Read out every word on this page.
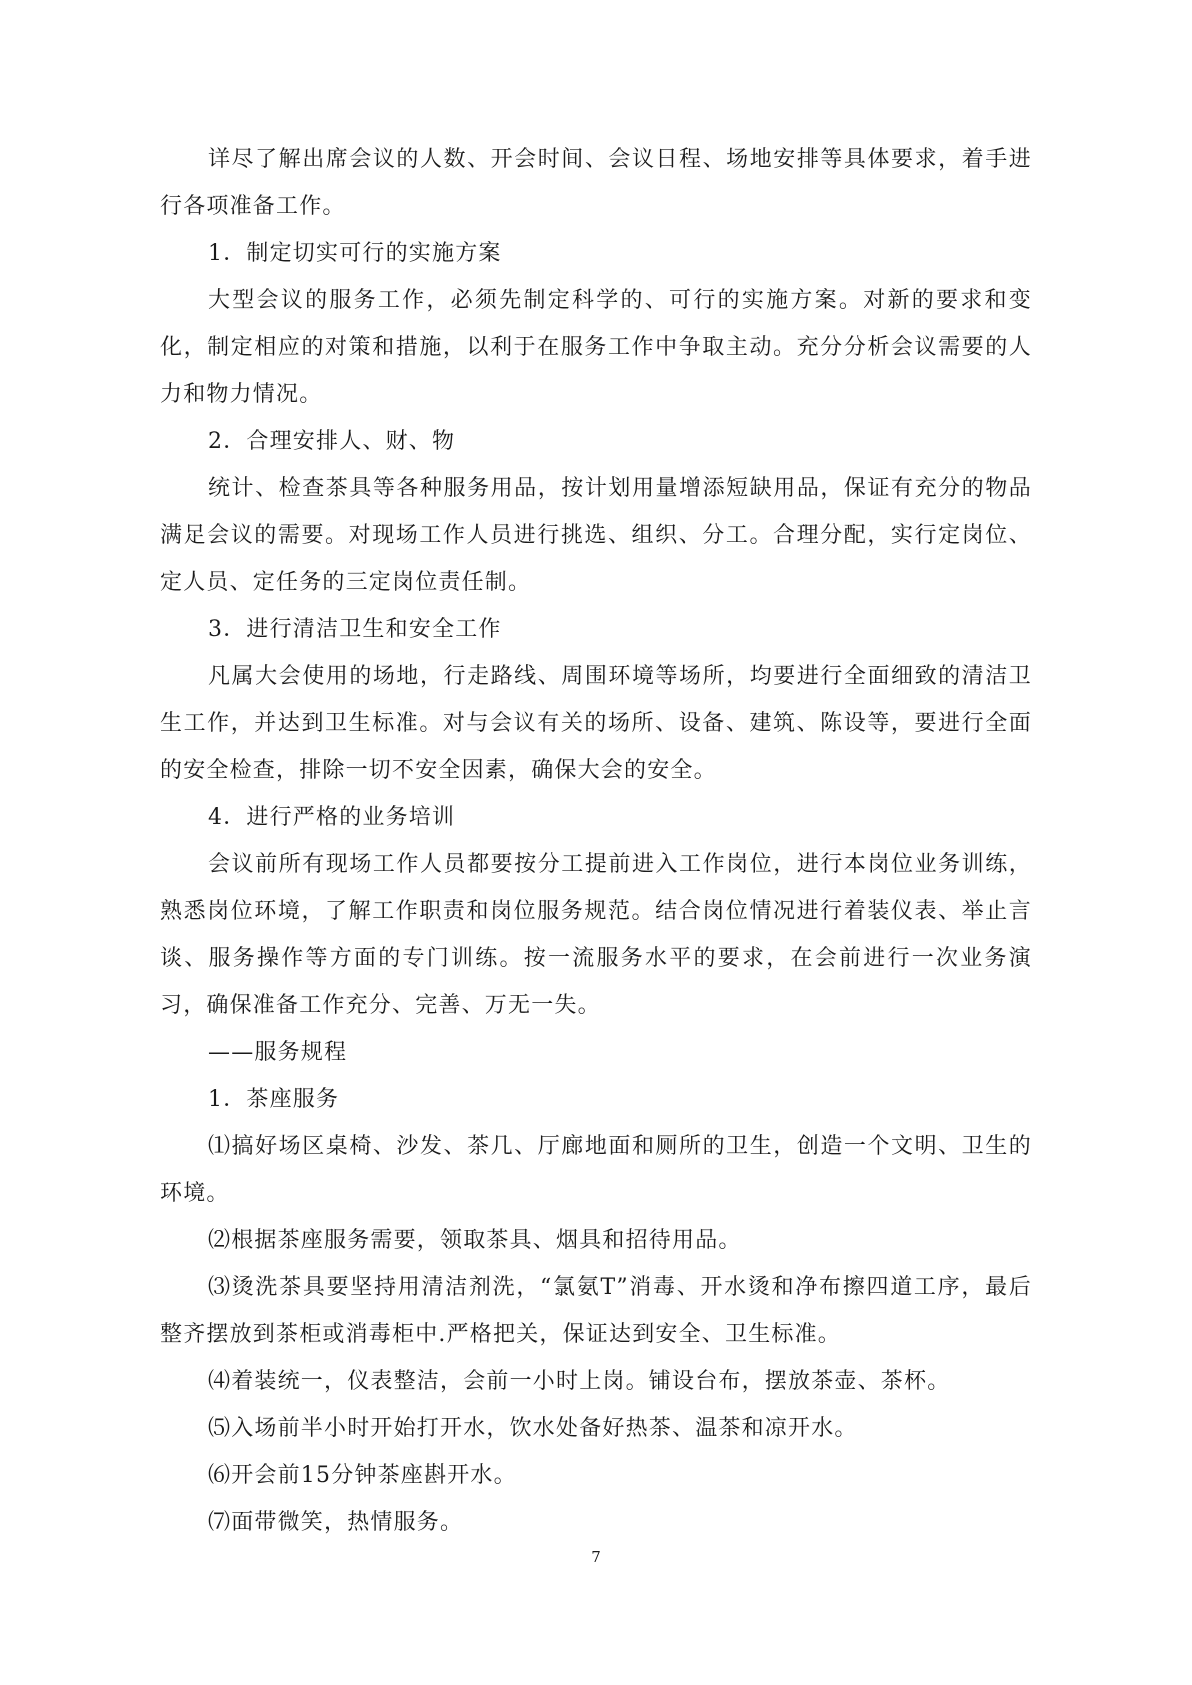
详尽了解出席会议的人数、开会时间、会议日程、场地安排等具体要求，着手进行各项准备工作。

1．制定切实可行的实施方案

大型会议的服务工作，必须先制定科学的、可行的实施方案。对新的要求和变化，制定相应的对策和措施，以利于在服务工作中争取主动。充分分析会议需要的人力和物力情况。

2．合理安排人、财、物

统计、检查茶具等各种服务用品，按计划用量增添短缺用品，保证有充分的物品满足会议的需要。对现场工作人员进行挑选、组织、分工。合理分配，实行定岗位、定人员、定任务的三定岗位责任制。

3．进行清洁卫生和安全工作

凡属大会使用的场地，行走路线、周围环境等场所，均要进行全面细致的清洁卫生工作，并达到卫生标准。对与会议有关的场所、设备、建筑、陈设等，要进行全面的安全检查，排除一切不安全因素，确保大会的安全。

4．进行严格的业务培训

会议前所有现场工作人员都要按分工提前进入工作岗位，进行本岗位业务训练，熟悉岗位环境，了解工作职责和岗位服务规范。结合岗位情况进行着装仪表、举止言谈、服务操作等方面的专门训练。按一流服务水平的要求，在会前进行一次业务演习，确保准备工作充分、完善、万无一失。

——服务规程

1．茶座服务

⑴搞好场区桌椅、沙发、茶几、厅廊地面和厕所的卫生，创造一个文明、卫生的环境。

⑵根据茶座服务需要，领取茶具、烟具和招待用品。

⑶烫洗茶具要坚持用清洁剂洗，“氯氨T”消毒、开水烫和净布擦四道工序，最后整齐摆放到茶柜或消毒柜中.严格把关，保证达到安全、卫生标准。

⑷着装统一，仪表整洁，会前一小时上岗。铺设台布，摆放茶壶、茶杯。

⑸入场前半小时开始打开水，饮水处备好热茶、温茶和凉开水。

⑹开会前15分钟茶座斟开水。

⑺面带微笑，热情服务。

7
